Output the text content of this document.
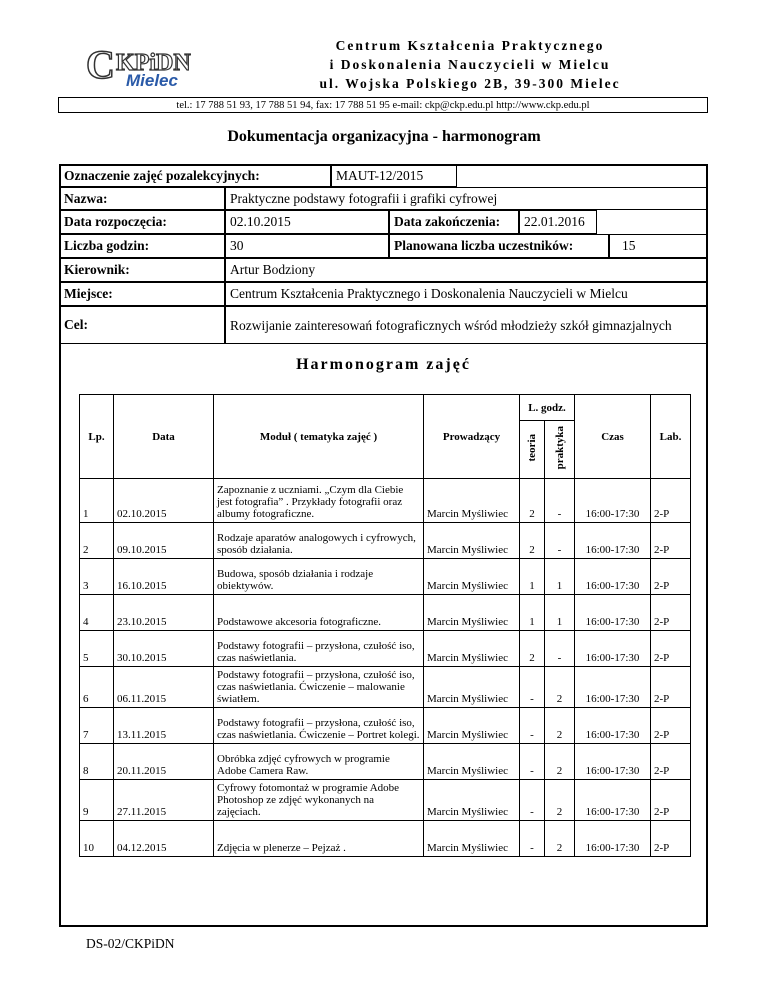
C KPiDN
Mielec
Centrum Kształcenia Praktycznego
i Doskonalenia Nauczycieli w Mielcu
ul. Wojska Polskiego 2B, 39-300 Mielec
tel.: 17 788 51 93, 17 788 51 94, fax: 17 788 51 95 e-mail: ckp@ckp.edu.pl http://www.ckp.edu.pl
Dokumentacja organizacyjna - harmonogram
Oznaczenie zajęć pozalekcyjnych:	MAUT-12/2015
Nazwa:	Praktyczne podstawy fotografii i grafiki cyfrowej
Data rozpoczęcia:	02.10.2015	Data zakończenia:	22.01.2016
Liczba godzin:	30	Planowana liczba uczestników:	15
Kierownik:	Artur Bodziony
Miejsce:	Centrum Kształcenia Praktycznego i Doskonalenia Nauczycieli w Mielcu
Cel:	Rozwijanie zainteresowań fotograficznych wśród młodzieży szkół gimnazjalnych
Harmonogram zajęć
Lp.	Data	Moduł ( tematyka zajęć )	Prowadzący	L. godz.		Czas	Lab.
				teoria	praktyka		
1	02.10.2015	Zapoznanie z uczniami. „Czym dla Ciebie jest fotografia” . Przykłady fotografii oraz albumy fotograficzne.	Marcin Myśliwiec	2	-	16:00-17:30	2-P
2	09.10.2015	Rodzaje aparatów analogowych i cyfrowych, sposób działania.	Marcin Myśliwiec	2	-	16:00-17:30	2-P
3	16.10.2015	Budowa, sposób działania i rodzaje obiektywów.	Marcin Myśliwiec	1	1	16:00-17:30	2-P
4	23.10.2015	Podstawowe akcesoria fotograficzne.	Marcin Myśliwiec	1	1	16:00-17:30	2-P
5	30.10.2015	Podstawy fotografii – przysłona, czułość iso, czas naświetlania.	Marcin Myśliwiec	2	-	16:00-17:30	2-P
6	06.11.2015	Podstawy fotografii – przysłona, czułość iso, czas naświetlania. Ćwiczenie – malowanie światłem.	Marcin Myśliwiec	-	2	16:00-17:30	2-P
7	13.11.2015	Podstawy fotografii – przysłona, czułość iso, czas naświetlania. Ćwiczenie – Portret kolegi.	Marcin Myśliwiec	-	2	16:00-17:30	2-P
8	20.11.2015	Obróbka zdjęć cyfrowych w programie Adobe Camera Raw.	Marcin Myśliwiec	-	2	16:00-17:30	2-P
9	27.11.2015	Cyfrowy fotomontaż w programie Adobe Photoshop ze zdjęć wykonanych na zajęciach.	Marcin Myśliwiec	-	2	16:00-17:30	2-P
10	04.12.2015	Zdjęcia w plenerze – Pejzaż .	Marcin Myśliwiec	-	2	16:00-17:30	2-P
DS-02/CKPiDN
